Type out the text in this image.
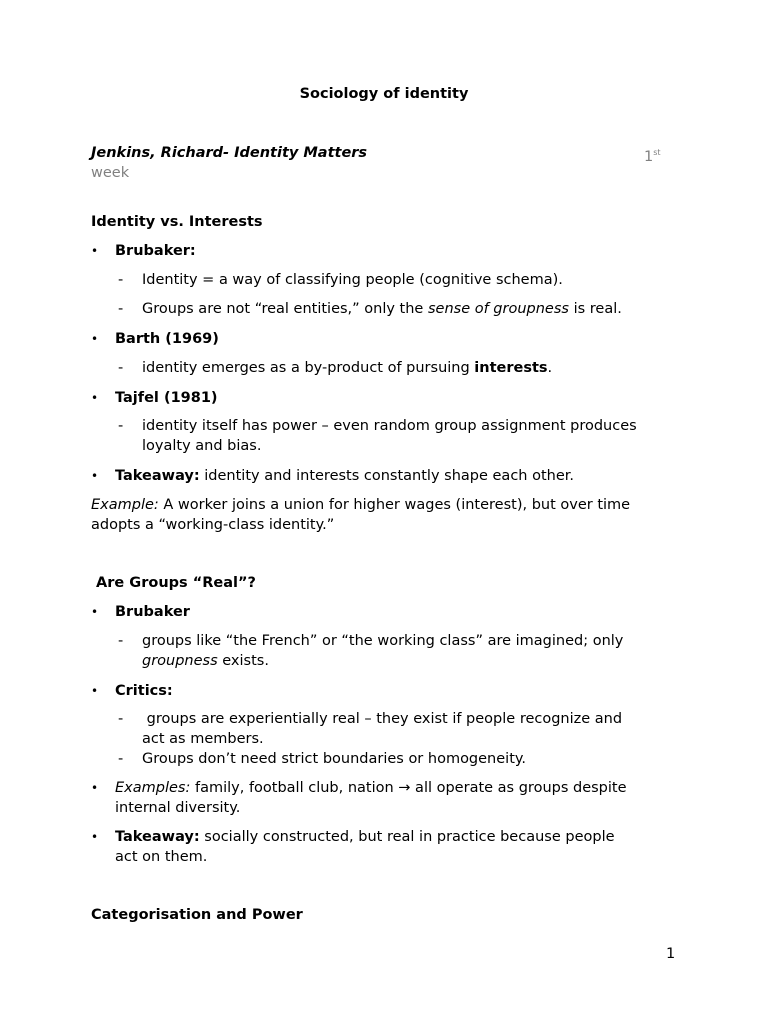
Sociology of identity
Jenkins, Richard- Identity Matters	1st
week
Identity vs. Interests
• Brubaker:
- Identity = a way of classifying people (cognitive schema).
- Groups are not “real entities,” only the sense of groupness is real.
• Barth (1969)
- identity emerges as a by-product of pursuing interests.
• Tajfel (1981)
- identity itself has power – even random group assignment produces
loyalty and bias.
• Takeaway: identity and interests constantly shape each other.
Example: A worker joins a union for higher wages (interest), but over time
adopts a “working-class identity.”
Are Groups “Real”?
• Brubaker
- groups like “the French” or “the working class” are imagined; only
groupness exists.
• Critics:
- groups are experientially real – they exist if people recognize and
act as members.
- Groups don’t need strict boundaries or homogeneity.
• Examples: family, football club, nation → all operate as groups despite
internal diversity.
• Takeaway: socially constructed, but real in practice because people
act on them.
Categorisation and Power
1
